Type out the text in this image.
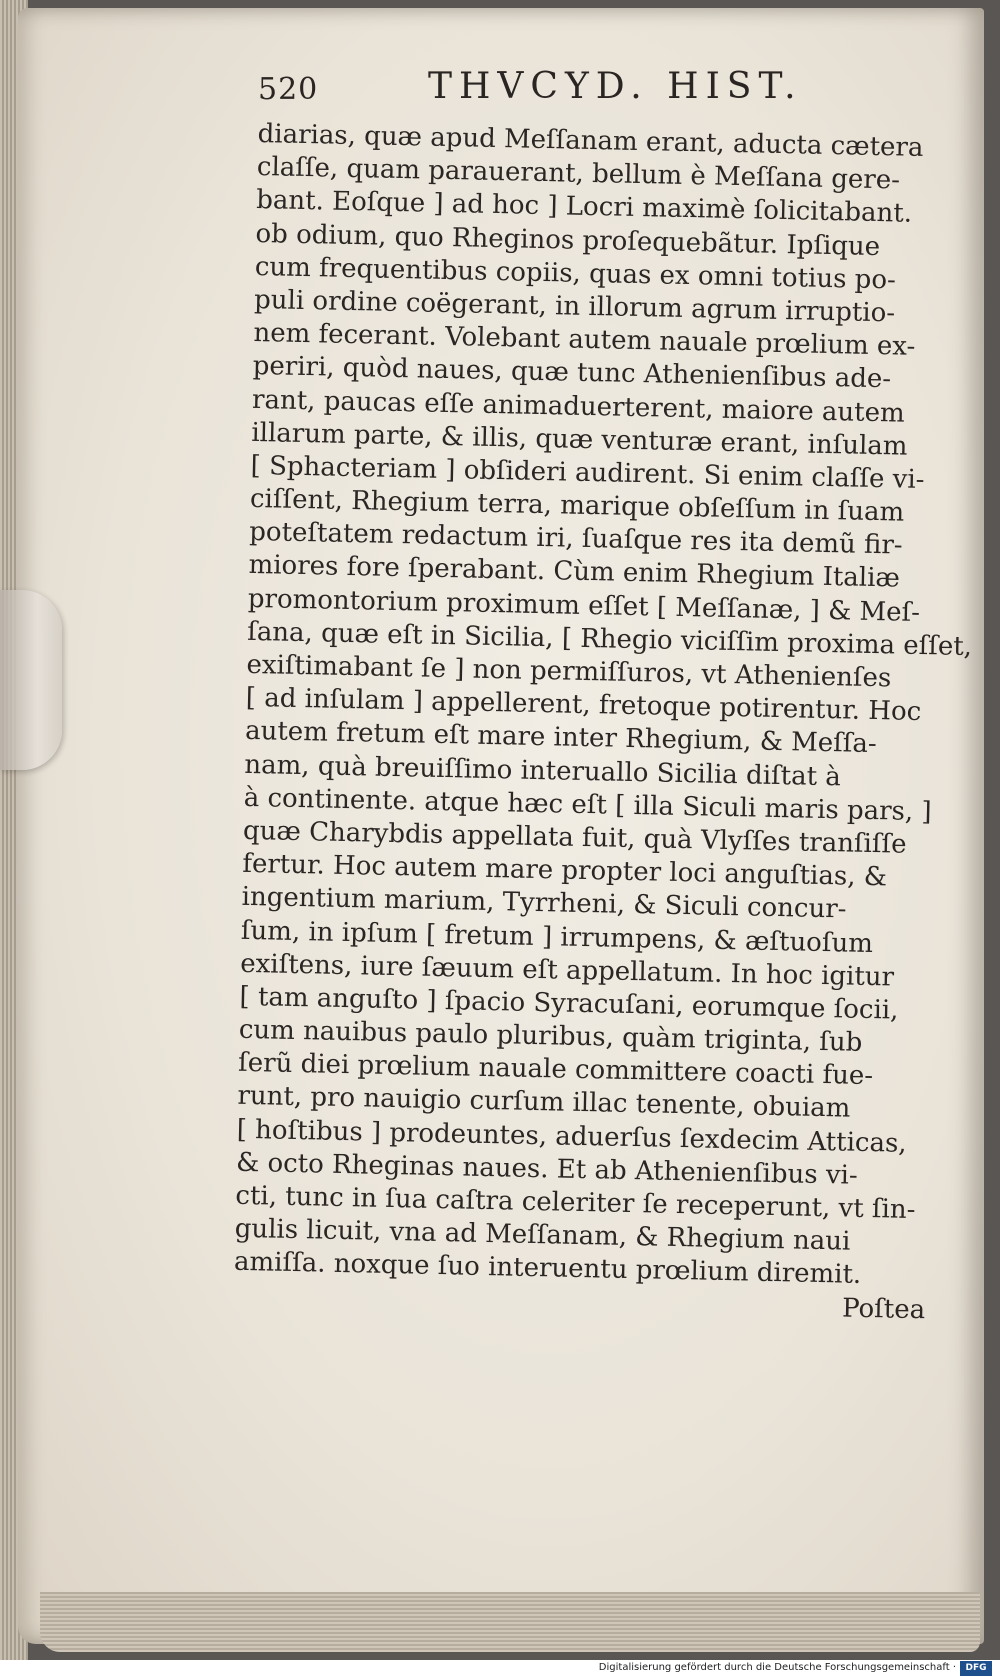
520	THVCYD. HIST.
diarias, quæ apud Meſſanam erant, aducta cætera
claſſe, quam parauerant, bellum è Meſſana gere-
bant. Eoſque ] ad hoc ] Locri maximè ſolicitabant.
ob odium, quo Rheginos proſequebãtur. Ipſique
cum frequentibus copiis, quas ex omni totius po-
puli ordine coëgerant, in illorum agrum irruptio-
nem fecerant. Volebant autem nauale prœlium ex-
periri, quòd naues, quæ tunc Athenienſibus ade-
rant, paucas eſſe animaduerterent, maiore autem
illarum parte, & illis, quæ venturæ erant, inſulam
[ Sphacteriam ] obſideri audirent. Si enim claſſe vi-
ciſſent, Rhegium terra, marique obſeſſum in ſuam
poteſtatem redactum iri, ſuaſque res ita demũ fir-
miores fore ſperabant. Cùm enim Rhegium Italiæ
promontorium proximum eſſet [ Meſſanæ, ] & Meſ-
ſana, quæ eſt in Sicilia, [ Rhegio viciſſim proxima eſſet,
exiſtimabant ſe ] non permiſſuros, vt Athenienſes
[ ad inſulam ] appellerent, fretoque potirentur. Hoc
autem fretum eſt mare inter Rhegium, & Meſſa-
nam, quà breuiſſimo interuallo Sicilia diſtat à
à continente. atque hæc eſt [ illa Siculi maris pars, ]
quæ Charybdis appellata fuit, quà Vlyſſes tranſiſſe
fertur. Hoc autem mare propter loci anguſtias, &
ingentium marium, Tyrrheni, & Siculi concur-
ſum, in ipſum [ fretum ] irrumpens, & æſtuoſum
exiſtens, iure ſæuum eſt appellatum. In hoc igitur
[ tam anguſto ] ſpacio Syracuſani, eorumque ſocii,
cum nauibus paulo pluribus, quàm triginta, ſub
ſerũ diei prœlium nauale committere coacti fue-
runt, pro nauigio curſum illac tenente, obuiam
[ hoſtibus ] prodeuntes, aduerſus ſexdecim Atticas,
& octo Rheginas naues. Et ab Athenienſibus vi-
cti, tunc in ſua caſtra celeriter ſe receperunt, vt ſin-
gulis licuit, vna ad Meſſanam, & Rhegium naui
amiſſa. noxque ſuo interuentu prœlium diremit.
Poſtea
Digitalisierung gefördert durch die Deutsche Forschungsgemeinschaft ·	DFG
